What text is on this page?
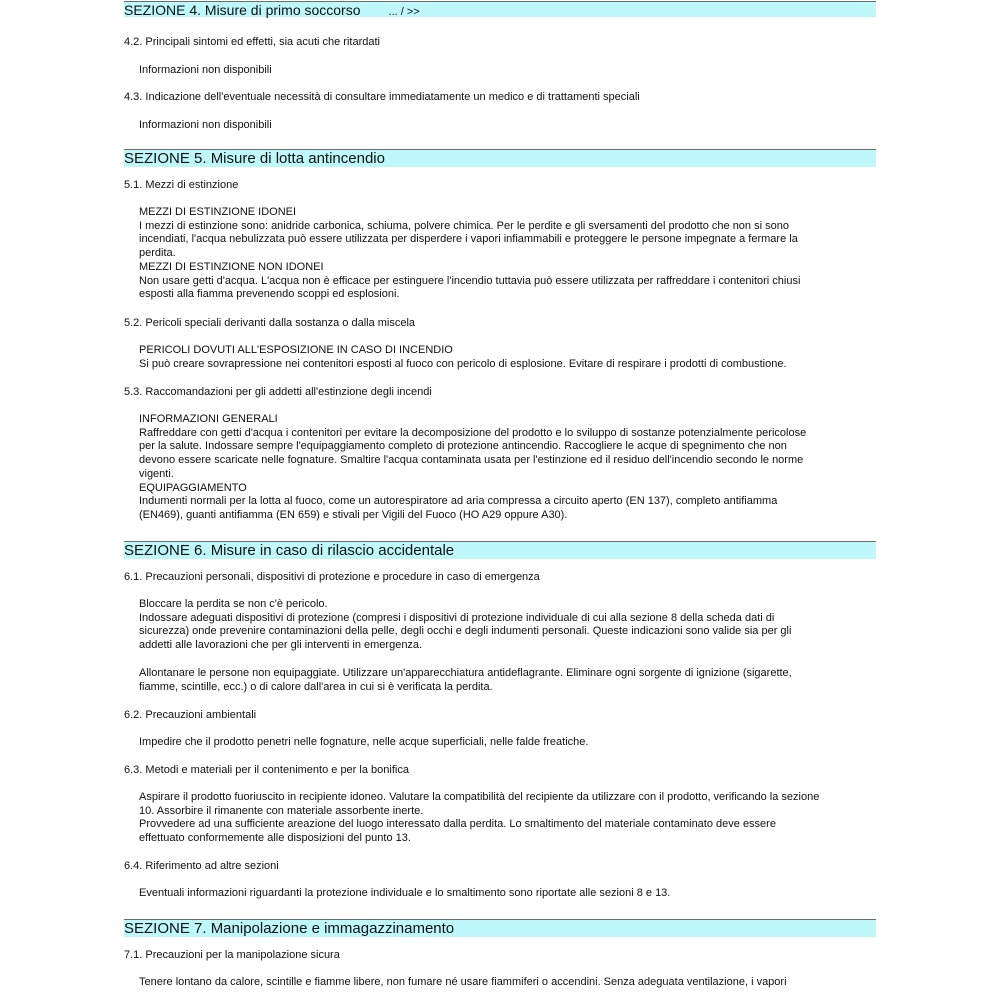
SEZIONE 4. Misure di primo soccorso	... / >>
4.2. Principali sintomi ed effetti, sia acuti che ritardati
Informazioni non disponibili
4.3. Indicazione dell'eventuale necessità di consultare immediatamente un medico e di trattamenti speciali
Informazioni non disponibili
SEZIONE 5. Misure di lotta antincendio
5.1. Mezzi di estinzione
MEZZI DI ESTINZIONE IDONEI
I mezzi di estinzione sono: anidride carbonica, schiuma, polvere chimica. Per le perdite e gli sversamenti del prodotto che non si sono
incendiati, l'acqua nebulizzata può essere utilizzata per disperdere i vapori infiammabili e proteggere le persone impegnate a fermare la
perdita.
MEZZI DI ESTINZIONE NON IDONEI
Non usare getti d'acqua. L'acqua non è efficace per estinguere l'incendio tuttavia può essere utilizzata per raffreddare i contenitori chiusi
esposti alla fiamma prevenendo scoppi ed esplosioni.
5.2. Pericoli speciali derivanti dalla sostanza o dalla miscela
PERICOLI DOVUTI ALL'ESPOSIZIONE IN CASO DI INCENDIO
Si può creare sovrapressione nei contenitori esposti al fuoco con pericolo di esplosione. Evitare di respirare i prodotti di combustione.
5.3. Raccomandazioni per gli addetti all'estinzione degli incendi
INFORMAZIONI GENERALI
Raffreddare con getti d'acqua i contenitori per evitare la decomposizione del prodotto e lo sviluppo di sostanze potenzialmente pericolose
per la salute. Indossare sempre l'equipaggiamento completo di protezione antincendio. Raccogliere le acque di spegnimento che non
devono essere scaricate nelle fognature. Smaltire l'acqua contaminata usata per l'estinzione ed il residuo dell'incendio secondo le norme
vigenti.
EQUIPAGGIAMENTO
Indumenti normali per la lotta al fuoco, come un autorespiratore ad aria compressa a circuito aperto (EN 137), completo antifiamma
(EN469), guanti antifiamma (EN 659) e stivali per Vigili del Fuoco (HO A29 oppure A30).
SEZIONE 6. Misure in caso di rilascio accidentale
6.1. Precauzioni personali, dispositivi di protezione e procedure in caso di emergenza
Bloccare la perdita se non c'è pericolo.
Indossare adeguati dispositivi di protezione (compresi i dispositivi di protezione individuale di cui alla sezione 8 della scheda dati di
sicurezza) onde prevenire contaminazioni della pelle, degli occhi e degli indumenti personali. Queste indicazioni sono valide sia per gli
addetti alle lavorazioni che per gli interventi in emergenza.
Allontanare le persone non equipaggiate. Utilizzare un'apparecchiatura antideflagrante. Eliminare ogni sorgente di ignizione (sigarette,
fiamme, scintille, ecc.) o di calore dall'area in cui si è verificata la perdita.
6.2. Precauzioni ambientali
Impedire che il prodotto penetri nelle fognature, nelle acque superficiali, nelle falde freatiche.
6.3. Metodi e materiali per il contenimento e per la bonifica
Aspirare il prodotto fuoriuscito in recipiente idoneo. Valutare la compatibilità del recipiente da utilizzare con il prodotto, verificando la sezione
10. Assorbire il rimanente con materiale assorbente inerte.
Provvedere ad una sufficiente areazione del luogo interessato dalla perdita. Lo smaltimento del materiale contaminato deve essere
effettuato conformemente alle disposizioni del punto 13.
6.4. Riferimento ad altre sezioni
Eventuali informazioni riguardanti la protezione individuale e lo smaltimento sono riportate alle sezioni 8 e 13.
SEZIONE 7. Manipolazione e immagazzinamento
7.1. Precauzioni per la manipolazione sicura
Tenere lontano da calore, scintille e fiamme libere, non fumare né usare fiammiferi o accendini. Senza adeguata ventilazione, i vapori
